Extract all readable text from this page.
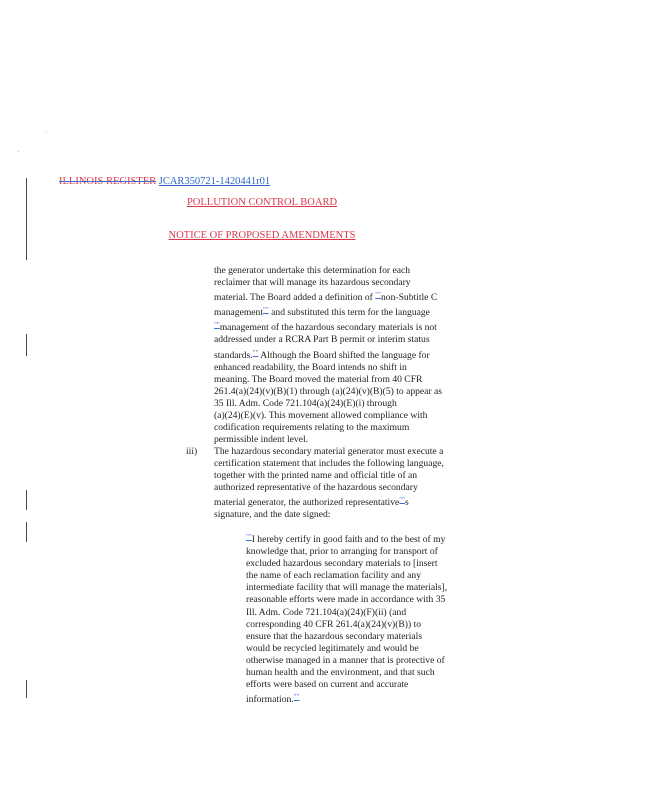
ILLINOIS REGISTER JCAR350721-1420441r01
POLLUTION CONTROL BOARD
NOTICE OF PROPOSED AMENDMENTS
the generator undertake this determination for each
reclaimer that will manage its hazardous secondary
material. The Board added a definition of ""non-Subtitle C
management"" and substituted this term for the language
""management of the hazardous secondary materials is not
addressed under a RCRA Part B permit or interim status
standards."" Although the Board shifted the language for
enhanced readability, the Board intends no shift in
meaning. The Board moved the material from 40 CFR
261.4(a)(24)(v)(B)(1) through (a)(24)(v)(B)(5) to appear as
35 Ill. Adm. Code 721.104(a)(24)(E)(i) through
(a)(24)(E)(v). This movement allowed compliance with
codification requirements relating to the maximum
permissible indent level.
iii) The hazardous secondary material generator must execute a
certification statement that includes the following language,
together with the printed name and official title of an
authorized representative of the hazardous secondary
material generator, the authorized representative""s
signature, and the date signed:
""I hereby certify in good faith and to the best of my
knowledge that, prior to arranging for transport of
excluded hazardous secondary materials to [insert
the name of each reclamation facility and any
intermediate facility that will manage the materials],
reasonable efforts were made in accordance with 35
Ill. Adm. Code 721.104(a)(24)(F)(ii) (and
corresponding 40 CFR 261.4(a)(24)(v)(B)) to
ensure that the hazardous secondary materials
would be recycled legitimately and would be
otherwise managed in a manner that is protective of
human health and the environment, and that such
efforts were based on current and accurate
information.""
